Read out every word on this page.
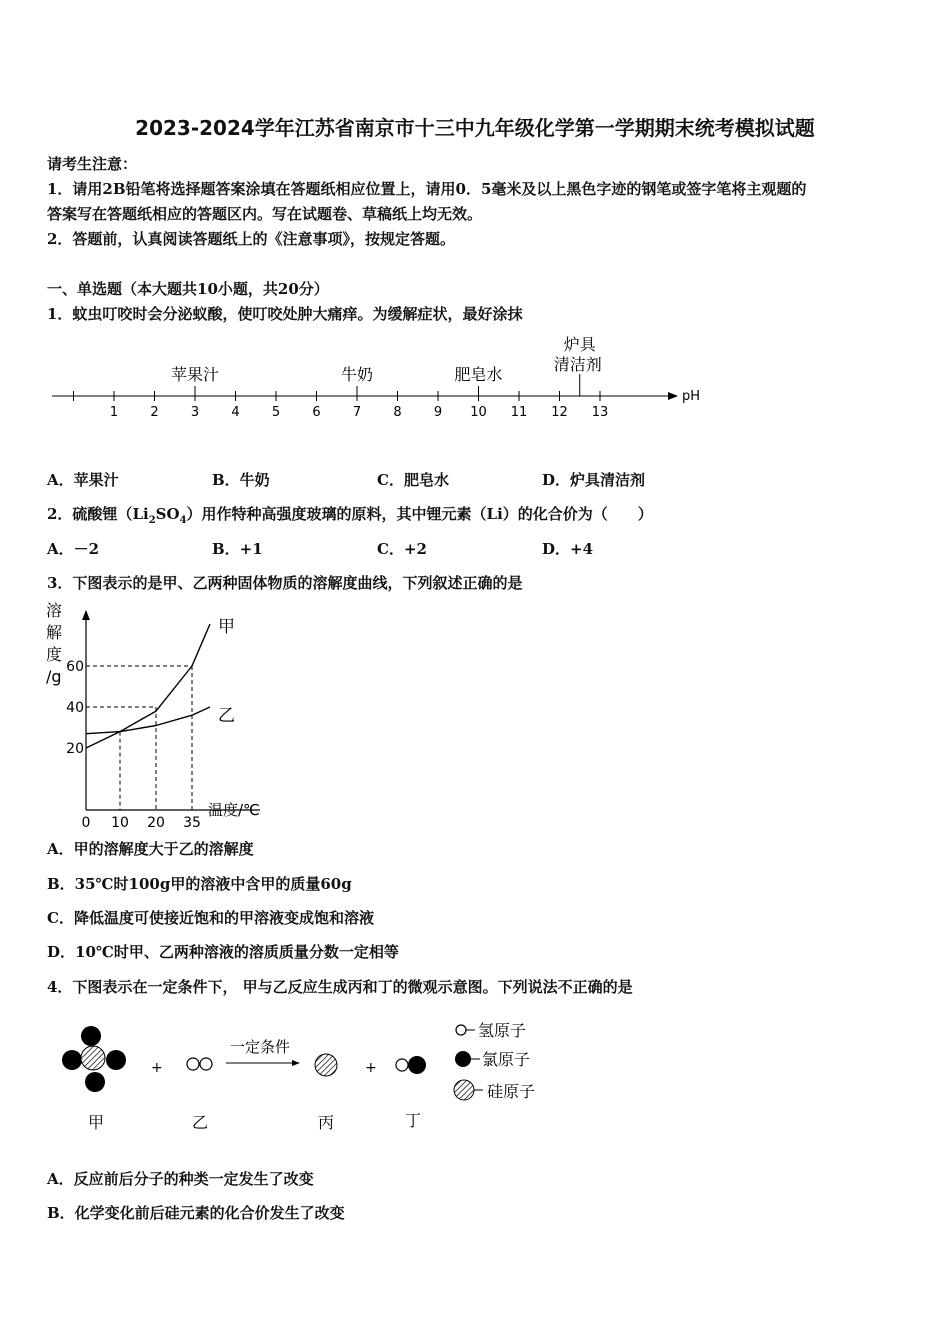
2023-2024学年江苏省南京市十三中九年级化学第一学期期末统考模拟试题
请考生注意：
1．请用2B铅笔将选择题答案涂填在答题纸相应位置上，请用0．5毫米及以上黑色字迹的钢笔或签字笔将主观题的
答案写在答题纸相应的答题区内。写在试题卷、草稿纸上均无效。
2．答题前，认真阅读答题纸上的《注意事项》，按规定答题。
一、单选题（本大题共10小题，共20分）
1．蚊虫叮咬时会分泌蚁酸，使叮咬处肿大痛痒。为缓解症状，最好涂抹
pH
1 2 3 4 5 6 7 8 9 10 11 12 13
苹果汁	牛奶	肥皂水
炉具
清洁剂
A．苹果汁	B．牛奶	C．肥皂水	D．炉具清洁剂
2．硫酸锂$(Li_2SO_4)$用作特种高强度玻璃的原料，其中锂元素（Li）的化合价为（　　）
A．－2	B．+1	C．+2	D．+4
3．下图表示的是甲、乙两种固体物质的溶解度曲线，下列叙述正确的是
溶
解
度
/g
甲
乙
0 10 20 35
20
40
60
温度/℃
A．甲的溶解度大于乙的溶解度
B．35℃时100g甲的溶液中含甲的质量60g
C．降低温度可使接近饱和的甲溶液变成饱和溶液
D．10℃时甲、乙两种溶液的溶质质量分数一定相等
4．下图表示在一定条件下， 甲与乙反应生成丙和丁的微观示意图。下列说法不正确的是
+
一定条件
+
甲	乙	丙	丁
氢原子
氯原子
硅原子
A．反应前后分子的种类一定发生了改变
B．化学变化前后硅元素的化合价发生了改变
